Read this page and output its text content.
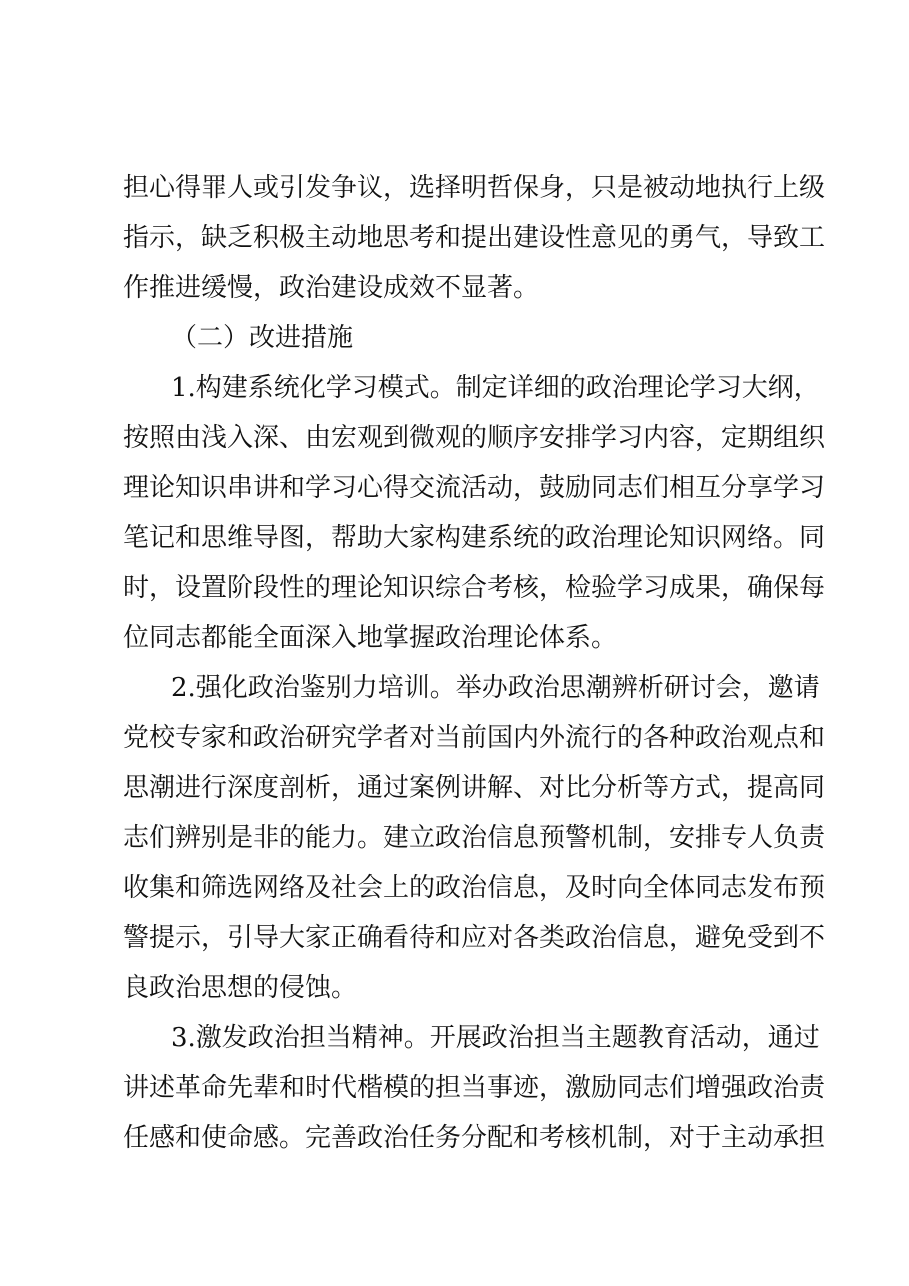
担心得罪人或引发争议，选择明哲保身，只是被动地执行上级
指示，缺乏积极主动地思考和提出建设性意见的勇气，导致工
作推进缓慢，政治建设成效不显著。
（二）改进措施
1.构建系统化学习模式。制定详细的政治理论学习大纲，
按照由浅入深、由宏观到微观的顺序安排学习内容，定期组织
理论知识串讲和学习心得交流活动，鼓励同志们相互分享学习
笔记和思维导图，帮助大家构建系统的政治理论知识网络。同
时，设置阶段性的理论知识综合考核，检验学习成果，确保每
位同志都能全面深入地掌握政治理论体系。
2.强化政治鉴别力培训。举办政治思潮辨析研讨会，邀请
党校专家和政治研究学者对当前国内外流行的各种政治观点和
思潮进行深度剖析，通过案例讲解、对比分析等方式，提高同
志们辨别是非的能力。建立政治信息预警机制，安排专人负责
收集和筛选网络及社会上的政治信息，及时向全体同志发布预
警提示，引导大家正确看待和应对各类政治信息，避免受到不
良政治思想的侵蚀。
3.激发政治担当精神。开展政治担当主题教育活动，通过
讲述革命先辈和时代楷模的担当事迹，激励同志们增强政治责
任感和使命感。完善政治任务分配和考核机制，对于主动承担
